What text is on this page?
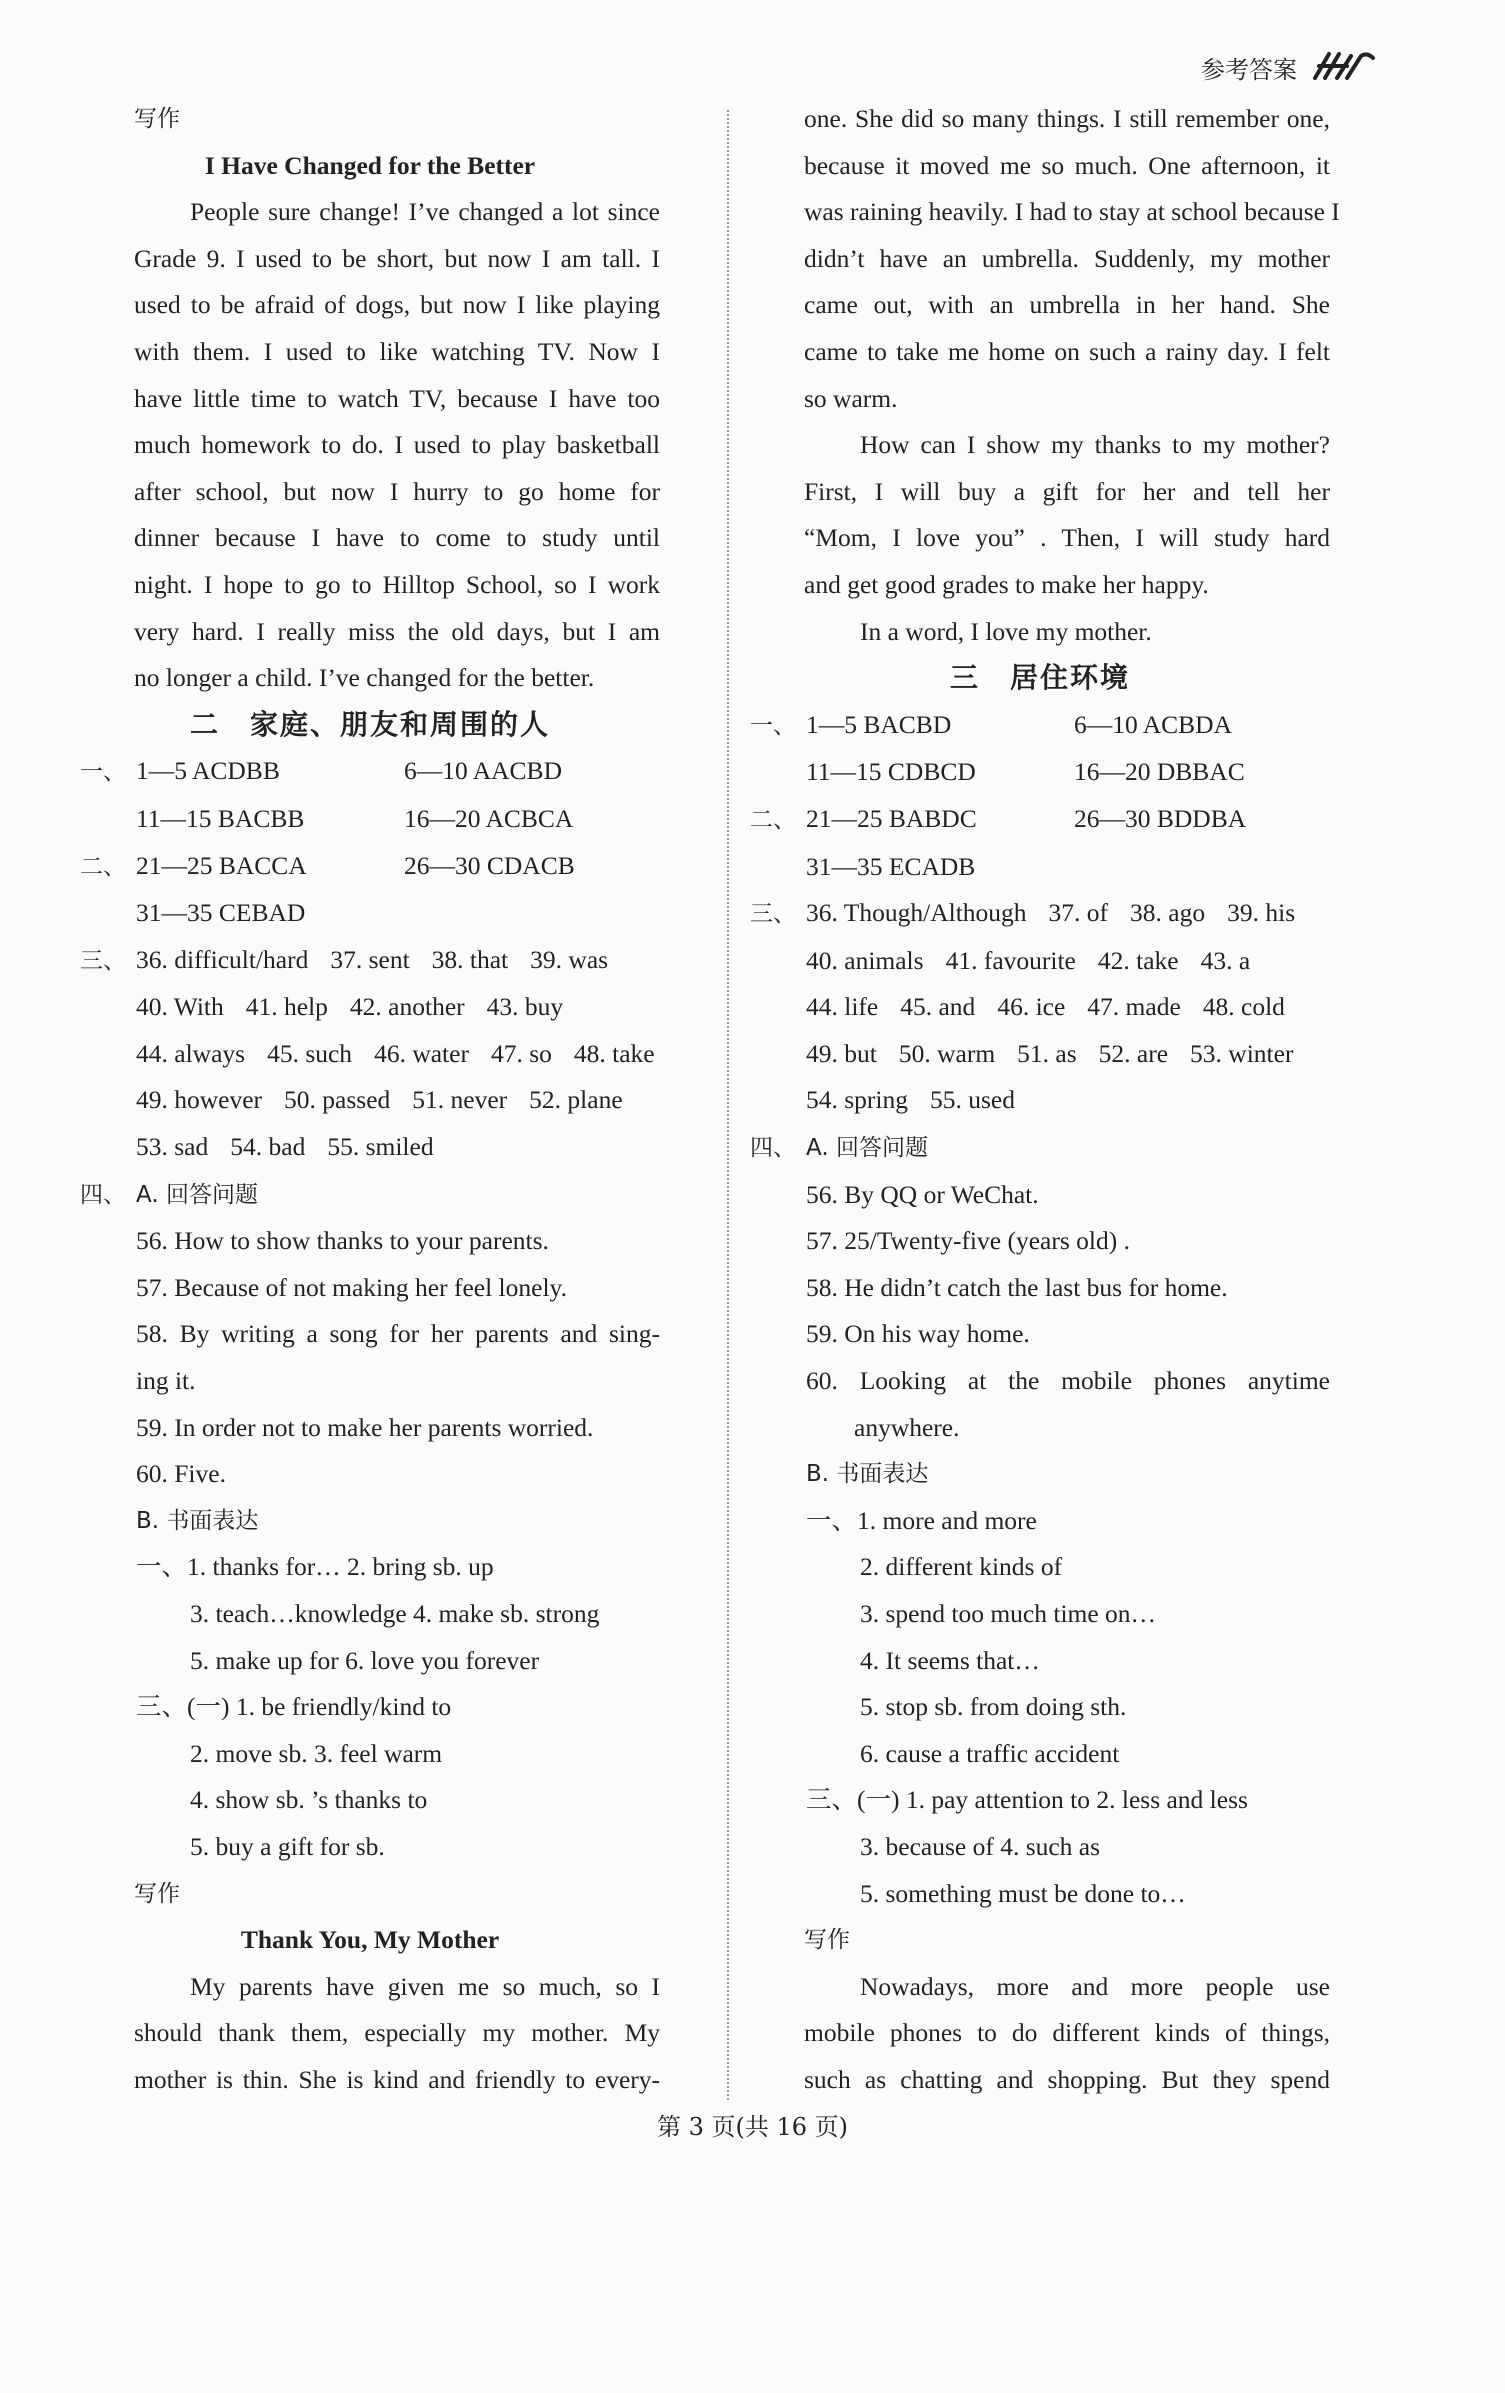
参考答案
写作
I Have Changed for the Better
People sure change! I’ve changed a lot since
Grade 9. I used to be short, but now I am tall. I
used to be afraid of dogs, but now I like playing
with them. I used to like watching TV. Now I
have little time to watch TV, because I have too
much homework to do. I used to play basketball
after school, but now I hurry to go home for
dinner because I have to come to study until
night. I hope to go to Hilltop School, so I work
very hard. I really miss the old days, but I am
no longer a child. I’ve changed for the better.
二　家庭、朋友和周围的人
一、 1—5 ACDBB	6—10 AACBD
11—15 BACBB	16—20 ACBCA
二、 21—25 BACCA	26—30 CDACB
31—35 CEBAD
三、 36. difficult/hard 37. sent 38. that 39. was
40. With 41. help 42. another 43. buy
44. always 45. such 46. water 47. so 48. take
49. however 50. passed 51. never 52. plane
53. sad 54. bad 55. smiled
四、 A. 回答问题
56. How to show thanks to your parents.
57. Because of not making her feel lonely.
58. By writing a song for her parents and sing-
ing it.
59. In order not to make her parents worried.
60. Five.
B. 书面表达
一、1. thanks for… 2. bring sb. up
3. teach…knowledge 4. make sb. strong
5. make up for 6. love you forever
三、(一) 1. be friendly/kind to
2. move sb. 3. feel warm
4. show sb. ’s thanks to
5. buy a gift for sb.
写作
Thank You, My Mother
My parents have given me so much, so I
should thank them, especially my mother. My
mother is thin. She is kind and friendly to every-
one. She did so many things. I still remember one,
because it moved me so much. One afternoon, it
was raining heavily. I had to stay at school because I
didn’t have an umbrella. Suddenly, my mother
came out, with an umbrella in her hand. She
came to take me home on such a rainy day. I felt
so warm.
How can I show my thanks to my mother?
First, I will buy a gift for her and tell her
“Mom, I love you” . Then, I will study hard
and get good grades to make her happy.
In a word, I love my mother.
三　居住环境
一、 1—5 BACBD	6—10 ACBDA
11—15 CDBCD	16—20 DBBAC
二、 21—25 BABDC	26—30 BDDBA
31—35 ECADB
三、 36. Though/Although 37. of 38. ago 39. his
40. animals 41. favourite 42. take 43. a
44. life 45. and 46. ice 47. made 48. cold
49. but 50. warm 51. as 52. are 53. winter
54. spring 55. used
四、 A. 回答问题
56. By QQ or WeChat.
57. 25/Twenty-five (years old) .
58. He didn’t catch the last bus for home.
59. On his way home.
60. Looking at the mobile phones anytime
anywhere.
B. 书面表达
一、1. more and more
2. different kinds of
3. spend too much time on…
4. It seems that…
5. stop sb. from doing sth.
6. cause a traffic accident
三、(一) 1. pay attention to 2. less and less
3. because of 4. such as
5. something must be done to…
写作
Nowadays, more and more people use
mobile phones to do different kinds of things,
such as chatting and shopping. But they spend
第 3 页(共 16 页)
